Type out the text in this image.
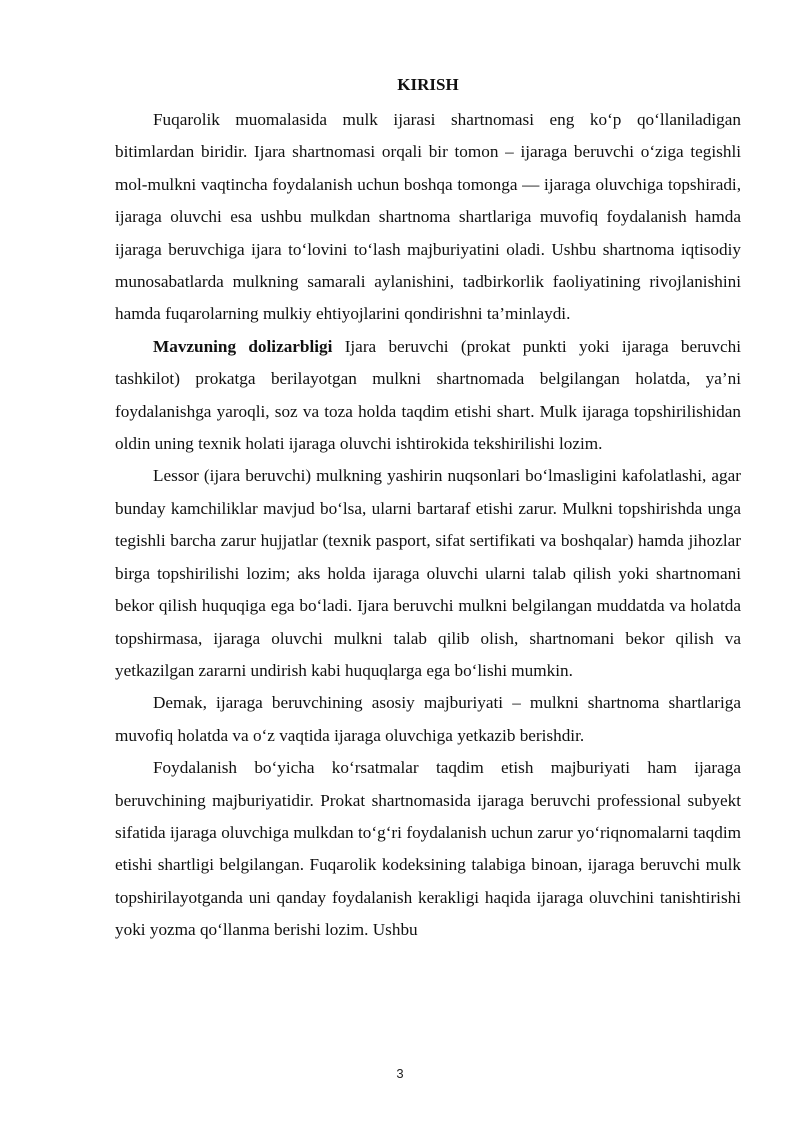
KIRISH

Fuqarolik muomalasida mulk ijarasi shartnomasi eng ko‘p qo‘llaniladigan bitimlardan biridir. Ijara shartnomasi orqali bir tomon – ijaraga beruvchi o‘ziga tegishli mol-mulkni vaqtincha foydalanish uchun boshqa tomonga — ijaraga oluvchiga topshiradi, ijaraga oluvchi esa ushbu mulkdan shartnoma shartlariga muvofiq foydalanish hamda ijaraga beruvchiga ijara to‘lovini to‘lash majburiyatini oladi. Ushbu shartnoma iqtisodiy munosabatlarda mulkning samarali aylanishini, tadbirkorlik faoliyatining rivojlanishini hamda fuqarolarning mulkiy ehtiyojlarini qondirishni ta’minlaydi.

Mavzuning dolizarbligi Ijara beruvchi (prokat punkti yoki ijaraga beruvchi tashkilot) prokatga berilayotgan mulkni shartnomada belgilangan holatda, ya’ni foydalanishga yaroqli, soz va toza holda taqdim etishi shart. Mulk ijaraga topshirilishidan oldin uning texnik holati ijaraga oluvchi ishtirokida tekshirilishi lozim.

Lessor (ijara beruvchi) mulkning yashirin nuqsonlari bo‘lmasligini kafolatlashi, agar bunday kamchiliklar mavjud bo‘lsa, ularni bartaraf etishi zarur. Mulkni topshirishda unga tegishli barcha zarur hujjatlar (texnik pasport, sifat sertifikati va boshqalar) hamda jihozlar birga topshirilishi lozim; aks holda ijaraga oluvchi ularni talab qilish yoki shartnomani bekor qilish huquqiga ega bo‘ladi. Ijara beruvchi mulkni belgilangan muddatda va holatda topshirmasa, ijaraga oluvchi mulkni talab qilib olish, shartnomani bekor qilish va yetkazilgan zararni undirish kabi huquqlarga ega bo‘lishi mumkin.

Demak, ijaraga beruvchining asosiy majburiyati – mulkni shartnoma shartlariga muvofiq holatda va o‘z vaqtida ijaraga oluvchiga yetkazib berishdir.

Foydalanish bo‘yicha ko‘rsatmalar taqdim etish majburiyati ham ijaraga beruvchining majburiyatidir. Prokat shartnomasida ijaraga beruvchi professional subyekt sifatida ijaraga oluvchiga mulkdan to‘g‘ri foydalanish uchun zarur yo‘riqnomalarni taqdim etishi shartligi belgilangan. Fuqarolik kodeksining talabiga binoan, ijaraga beruvchi mulk topshirilayotganda uni qanday foydalanish kerakligi haqida ijaraga oluvchini tanishtirishi yoki yozma qo‘llanma berishi lozim. Ushbu

3
